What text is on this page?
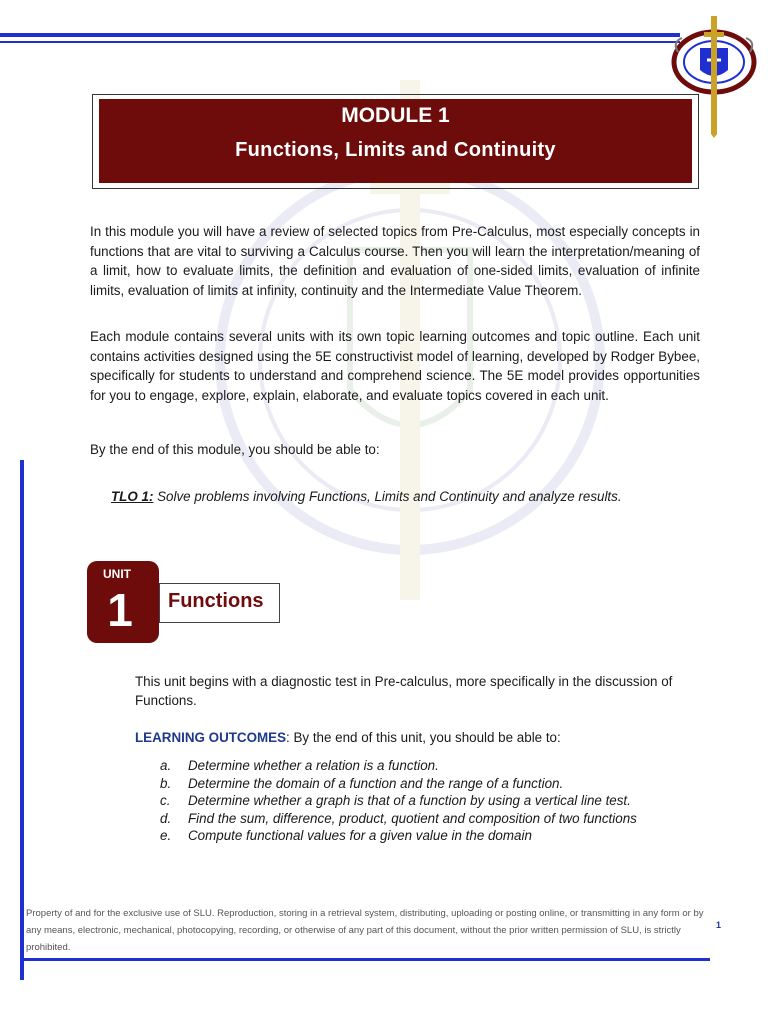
MODULE 1
Functions, Limits and Continuity
In this module you will have a review of selected topics from Pre-Calculus, most especially concepts in functions that are vital to surviving a Calculus course. Then you will learn the interpretation/meaning of a limit, how to evaluate limits, the definition and evaluation of one-sided limits, evaluation of infinite limits, evaluation of limits at infinity, continuity and the Intermediate Value Theorem.
Each module contains several units with its own topic learning outcomes and topic outline. Each unit contains activities designed using the 5E constructivist model of learning, developed by Rodger Bybee, specifically for students to understand and comprehend science. The 5E model provides opportunities for you to engage, explore, explain, elaborate, and evaluate topics covered in each unit.
By the end of this module, you should be able to:
TLO 1: Solve problems involving Functions, Limits and Continuity and analyze results.
UNIT
1	Functions
This unit begins with a diagnostic test in Pre-calculus, more specifically in the discussion of Functions.
LEARNING OUTCOMES: By the end of this unit, you should be able to:
a.	Determine whether a relation is a function.
b.	Determine the domain of a function and the range of a function.
c.	Determine whether a graph is that of a function by using a vertical line test.
d.	Find the sum, difference, product, quotient and composition of two functions
e.	Compute functional values for a given value in the domain
Property of and for the exclusive use of SLU. Reproduction, storing in a retrieval system, distributing, uploading or posting online, or transmitting in any form or by any means, electronic, mechanical, photocopying, recording, or otherwise of any part of this document, without the prior written permission of SLU, is strictly prohibited.
1
